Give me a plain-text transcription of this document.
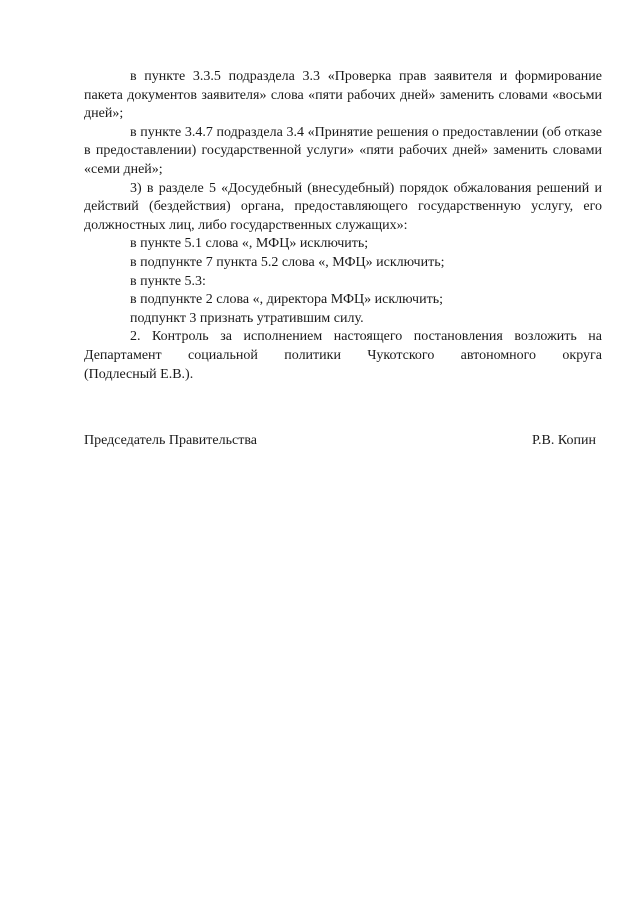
в пункте 3.3.5 подраздела 3.3 «Проверка прав заявителя и формирование пакета документов заявителя» слова «пяти рабочих дней» заменить словами «восьми дней»;

в пункте 3.4.7 подраздела 3.4 «Принятие решения о предоставлении (об отказе в предоставлении) государственной услуги» «пяти рабочих дней» заменить словами «семи дней»;

3) в разделе 5 «Досудебный (внесудебный) порядок обжалования решений и действий (бездействия) органа, предоставляющего государственную услугу, его должностных лиц, либо государственных служащих»:

в пункте 5.1 слова «, МФЦ» исключить;

в подпункте 7 пункта 5.2 слова «, МФЦ» исключить;

в пункте 5.3:

в подпункте 2 слова «, директора МФЦ» исключить;

подпункт 3 признать утратившим силу.

2. Контроль за исполнением настоящего постановления возложить на Департамент социальной политики Чукотского автономного округа

(Подлесный Е.В.).

Председатель Правительства	Р.В. Копин
